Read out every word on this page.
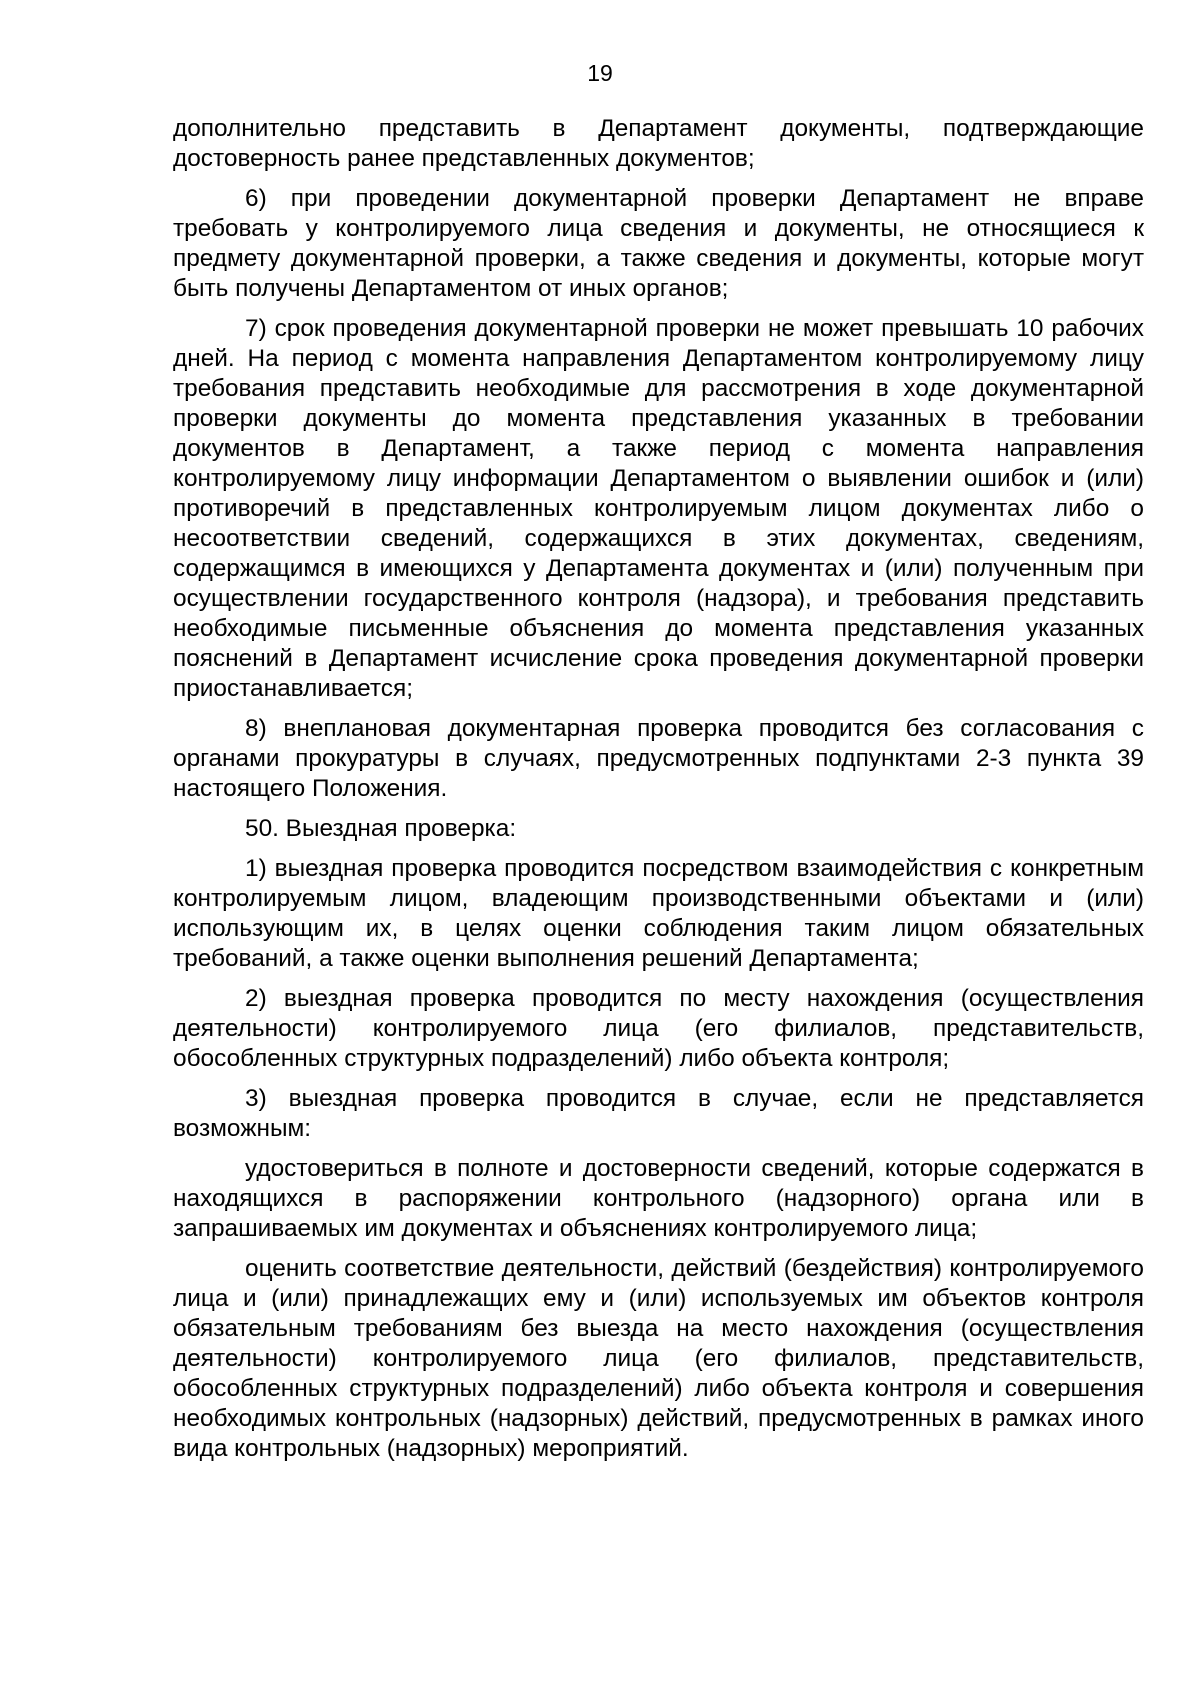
19

дополнительно представить в Департамент документы, подтверждающие достоверность ранее представленных документов;

6) при проведении документарной проверки Департамент не вправе требовать у контролируемого лица сведения и документы, не относящиеся к предмету документарной проверки, а также сведения и документы, которые могут быть получены Департаментом от иных органов;

7) срок проведения документарной проверки не может превышать 10 рабочих дней. На период с момента направления Департаментом контролируемому лицу требования представить необходимые для рассмотрения в ходе документарной проверки документы до момента представления указанных в требовании документов в Департамент, а также период с момента направления контролируемому лицу информации Департаментом о выявлении ошибок и (или) противоречий в представленных контролируемым лицом документах либо о несоответствии сведений, содержащихся в этих документах, сведениям, содержащимся в имеющихся у Департамента документах и (или) полученным при осуществлении государственного контроля (надзора), и требования представить необходимые письменные объяснения до момента представления указанных пояснений в Департамент исчисление срока проведения документарной проверки приостанавливается;

8) внеплановая документарная проверка проводится без согласования с органами прокуратуры в случаях, предусмотренных подпунктами 2-3 пункта 39 настоящего Положения.

50. Выездная проверка:

1) выездная проверка проводится посредством взаимодействия с конкретным контролируемым лицом, владеющим производственными объектами и (или) использующим их, в целях оценки соблюдения таким лицом обязательных требований, а также оценки выполнения решений Департамента;

2) выездная проверка проводится по месту нахождения (осуществления деятельности) контролируемого лица (его филиалов, представительств, обособленных структурных подразделений) либо объекта контроля;

3) выездная проверка проводится в случае, если не представляется возможным:

удостовериться в полноте и достоверности сведений, которые содержатся в находящихся в распоряжении контрольного (надзорного) органа или в запрашиваемых им документах и объяснениях контролируемого лица;

оценить соответствие деятельности, действий (бездействия) контролируемого лица и (или) принадлежащих ему и (или) используемых им объектов контроля обязательным требованиям без выезда на место нахождения (осуществления деятельности) контролируемого лица (его филиалов, представительств, обособленных структурных подразделений) либо объекта контроля и совершения необходимых контрольных (надзорных) действий, предусмотренных в рамках иного вида контрольных (надзорных) мероприятий.
